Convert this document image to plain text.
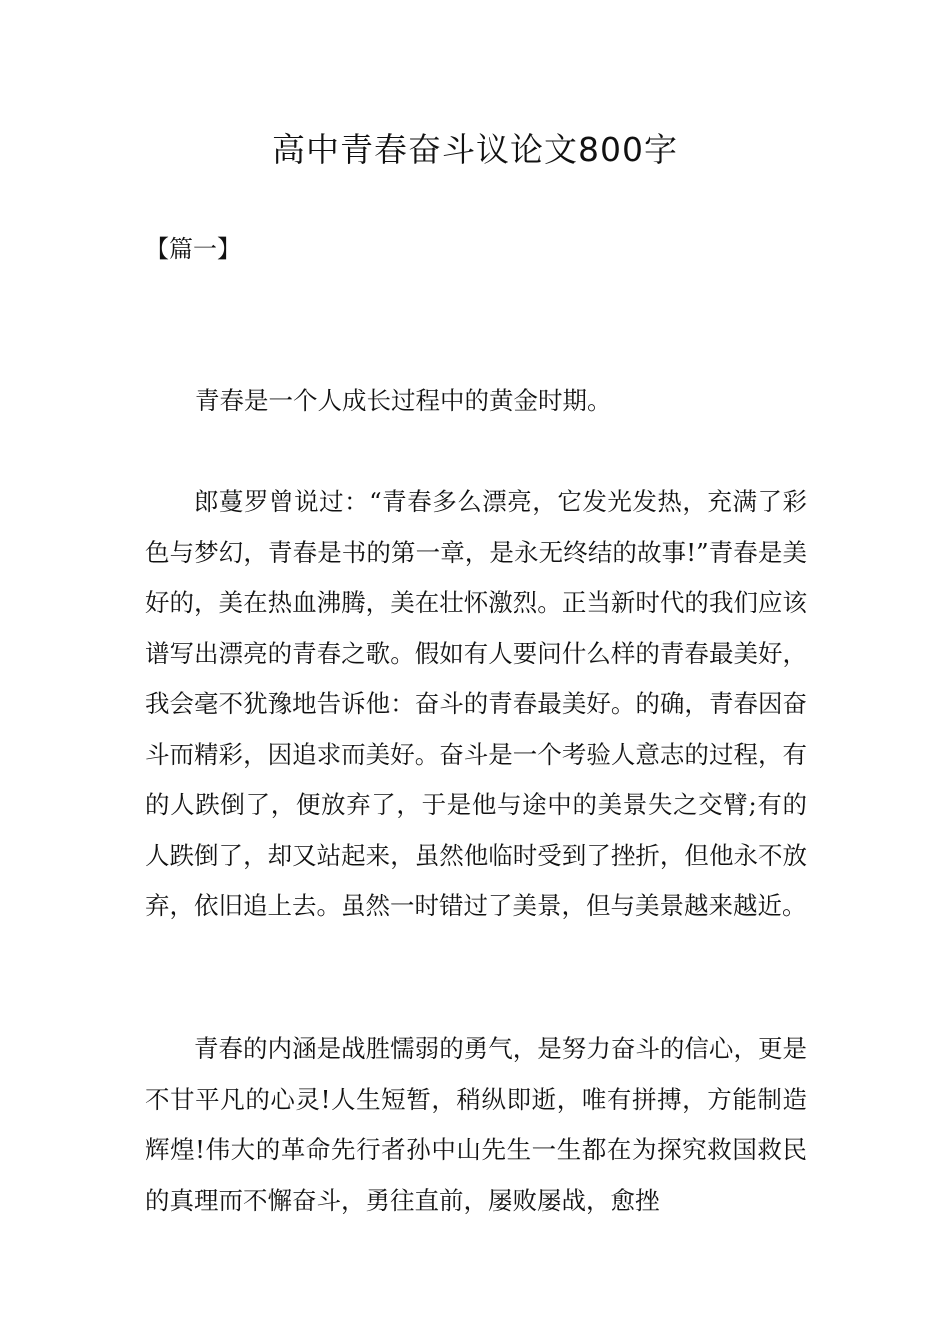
高中青春奋斗议论文800字

【篇一】

青春是一个人成长过程中的黄金时期。

郎蔓罗曾说过：“青春多么漂亮，它发光发热，充满了彩色与梦幻，青春是书的第一章，是永无终结的故事!”青春是美好的，美在热血沸腾，美在壮怀激烈。正当新时代的我们应该谱写出漂亮的青春之歌。假如有人要问什么样的青春最美好，我会毫不犹豫地告诉他：奋斗的青春最美好。的确，青春因奋斗而精彩，因追求而美好。奋斗是一个考验人意志的过程，有的人跌倒了，便放弃了，于是他与途中的美景失之交臂;有的人跌倒了，却又站起来，虽然他临时受到了挫折，但他永不放弃，依旧追上去。虽然一时错过了美景，但与美景越来越近。

青春的内涵是战胜懦弱的勇气，是努力奋斗的信心，更是不甘平凡的心灵!人生短暂，稍纵即逝，唯有拼搏，方能制造辉煌!伟大的革命先行者孙中山先生一生都在为探究救国救民的真理而不懈奋斗，勇往直前，屡败屡战，愈挫
